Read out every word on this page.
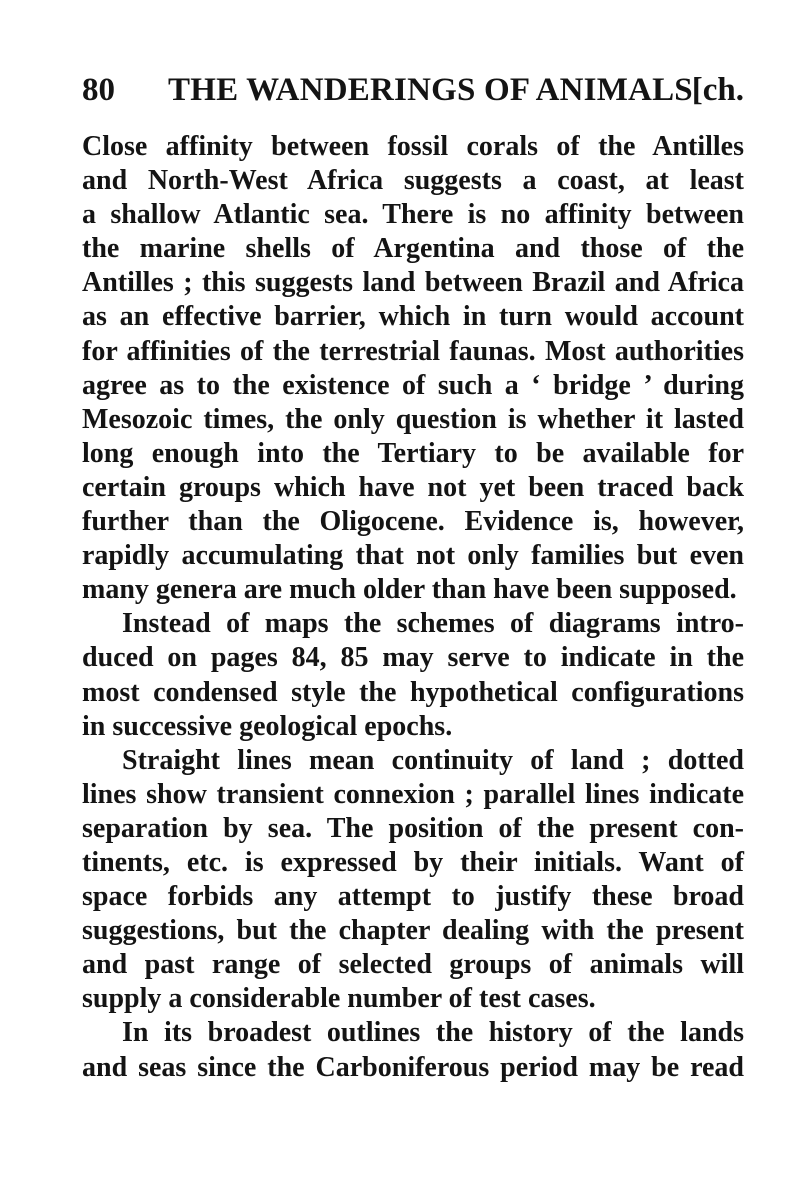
80 THE WANDERINGS OF ANIMALS
[ch.
Close affinity between fossil corals of the Antilles
and North-West Africa suggests a coast, at least
a shallow Atlantic sea. There is no affinity between
the marine shells of Argentina and those of the
Antilles ; this suggests land between Brazil and Africa
as an effective barrier, which in turn would account
for affinities of the terrestrial faunas. Most authorities
agree as to the existence of such a ‘ bridge ’ during
Mesozoic times, the only question is whether it lasted
long enough into the Tertiary to be available for
certain groups which have not yet been traced back
further than the Oligocene. Evidence is, however,
rapidly accumulating that not only families but even
many genera are much older than have been supposed.
Instead of maps the schemes of diagrams intro-
duced on pages 84, 85 may serve to indicate in the
most condensed style the hypothetical configurations
in successive geological epochs.
Straight lines mean continuity of land ; dotted
lines show transient connexion ; parallel lines indicate
separation by sea. The position of the present con-
tinents, etc. is expressed by their initials. Want of
space forbids any attempt to justify these broad
suggestions, but the chapter dealing with the present
and past range of selected groups of animals will
supply a considerable number of test cases.
In its broadest outlines the history of the lands
and seas since the Carboniferous period may be read
